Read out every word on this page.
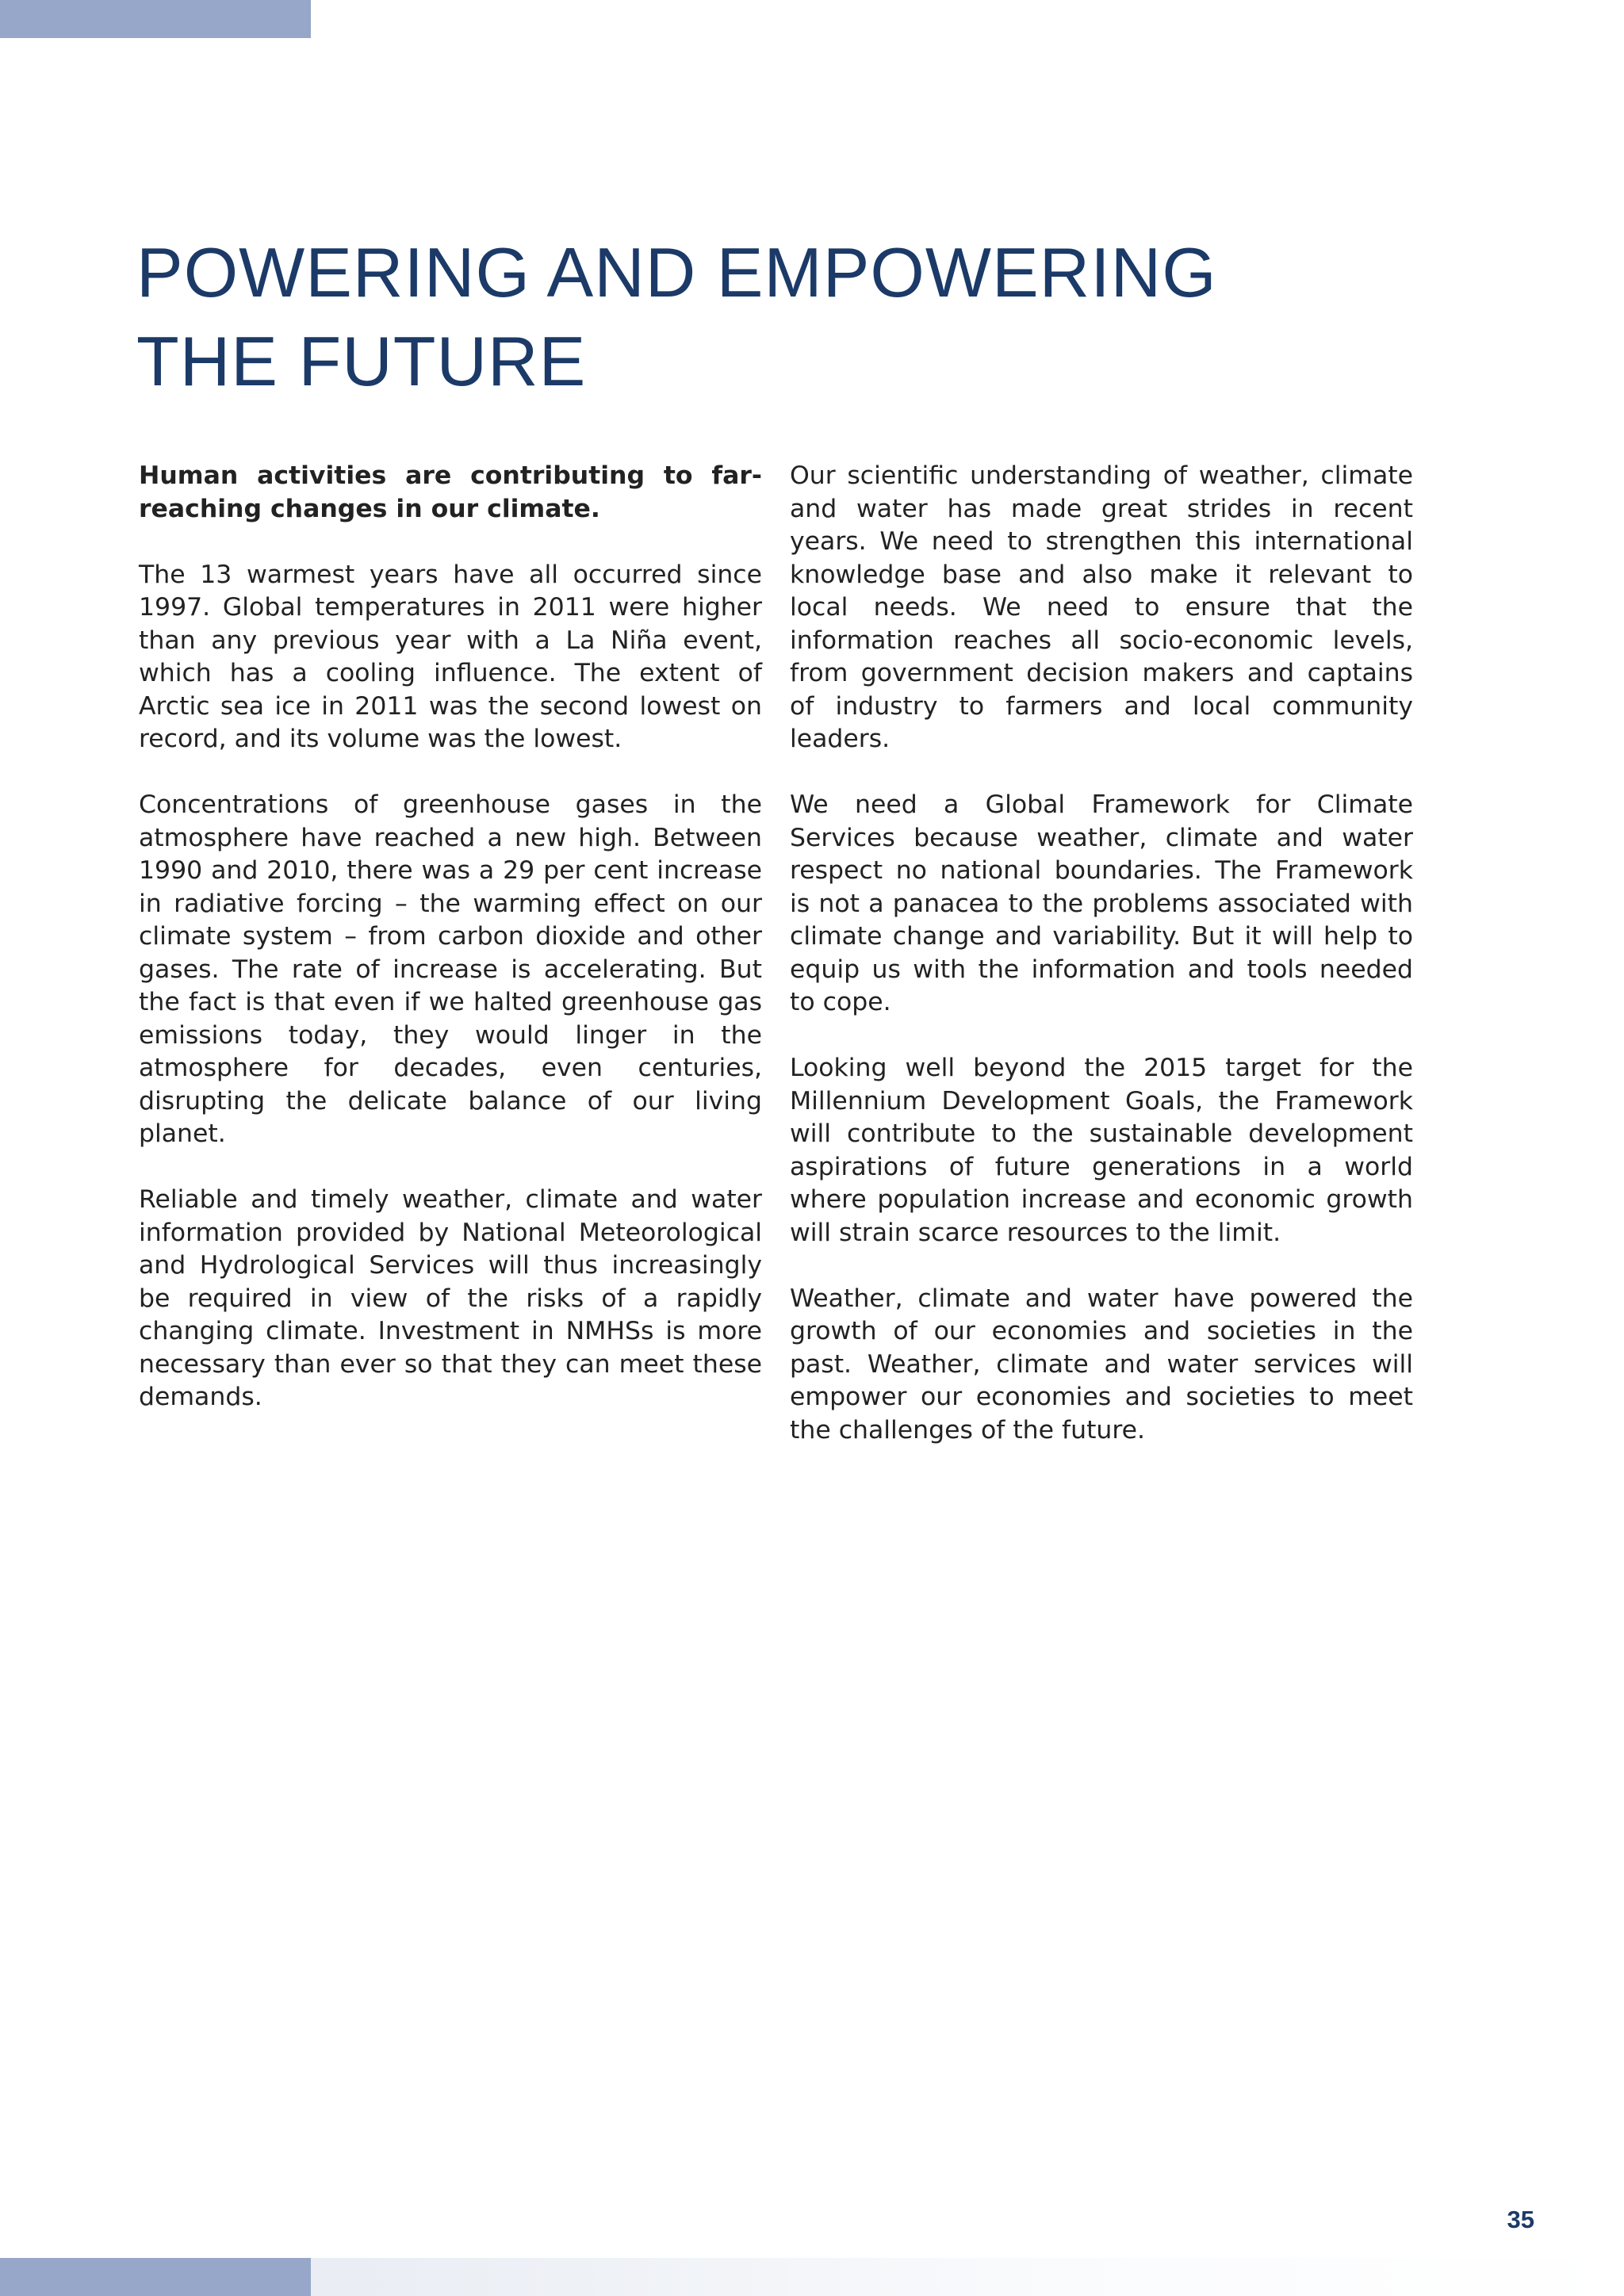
POWERING AND EMPOWERING
THE FUTURE

Human activities are contributing to far-reaching changes in our climate.

The 13 warmest years have all occurred since 1997. Global temperatures in 2011 were higher than any previous year with a La Niña event, which has a cooling influence. The extent of Arctic sea ice in 2011 was the second lowest on record, and its volume was the lowest.

Concentrations of greenhouse gases in the atmosphere have reached a new high. Between 1990 and 2010, there was a 29 per cent increase in radiative forcing – the warming effect on our climate system – from carbon dioxide and other gases. The rate of increase is accelerating. But the fact is that even if we halted greenhouse gas emissions today, they would linger in the atmosphere for decades, even centuries, disrupting the delicate balance of our living planet.

Reliable and timely weather, climate and water information provided by National Meteorological and Hydrological Services will thus increasingly be required in view of the risks of a rapidly changing climate. Investment in NMHSs is more necessary than ever so that they can meet these demands.

Our scientific understanding of weather, climate and water has made great strides in recent years. We need to strengthen this international knowledge base and also make it relevant to local needs. We need to ensure that the information reaches all socio-economic levels, from government decision makers and captains of industry to farmers and local community leaders.

We need a Global Framework for Climate Services because weather, climate and water respect no national boundaries. The Framework is not a panacea to the problems associated with climate change and variability. But it will help to equip us with the information and tools needed to cope.

Looking well beyond the 2015 target for the Millennium Development Goals, the Framework will contribute to the sustainable development aspirations of future generations in a world where population increase and economic growth will strain scarce resources to the limit.

Weather, climate and water have powered the growth of our economies and societies in the past. Weather, climate and water services will empower our economies and societies to meet the challenges of the future.

35
